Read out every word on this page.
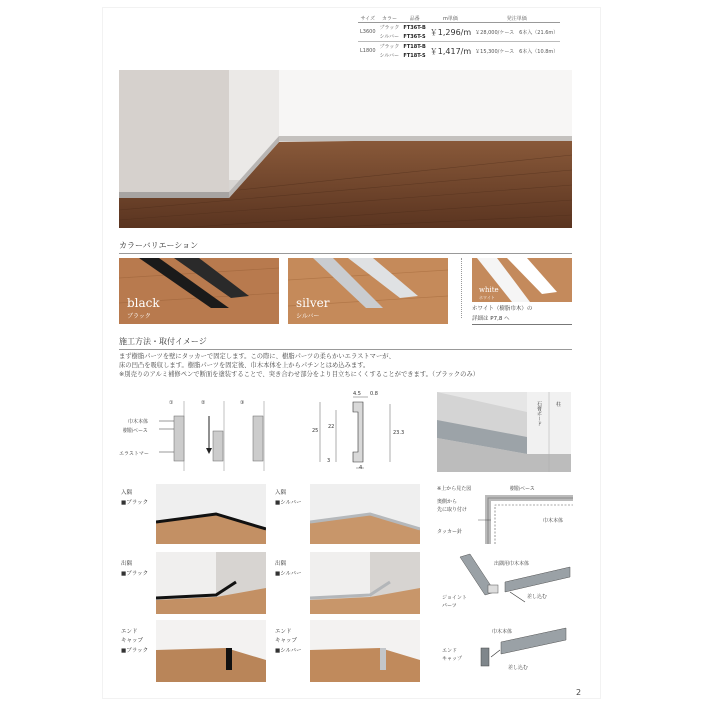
サイズ	カラー	品番	m単価	発注単価
L3600	ブラック	FT36T-B	￥1,296/m	￥28,000/ケース　6本入（21.6m）
	シルバー	FT36T-S		
L1800	ブラック	FT18T-B	￥1,417/m	￥15,300/ケース　6本入（10.8m）
	シルバー	FT18T-S		
カラーバリエーション
black
ブラック
silver
シルバー
white
ホワイト
ホワイト（樹脂巾木）の
詳細は P7,8 へ
施工方法・取付イメージ
まず樹脂パーツを壁にタッカーで固定します。この際に、樹脂パーツの柔らかいエラストマーが、
床の凹凸を吸収します。樹脂パーツを固定後、巾木本体を上からパチンとはめ込みます。
※別売りのアルミ補修ペンで断面を塗装することで、突き合わせ部分をより目立ちにくくすることができます。（ブラックのみ）
①	②	③
巾木本体
樹脂ベース
エラストマー
4.5 0.8
25
22
23.3
3
4
柱
石膏ボード
入隅
■ブラック
入隅
■シルバー
出隅
■ブラック
出隅
■シルバー
エンド
キャップ
■ブラック
エンド
キャップ
■シルバー
※上から見た図	樹脂ベース
奥側から
先に取り付け
巾木本体
タッカー針
出隅用巾木本体
ジョイント
パーツ
差し込む
巾木本体
エンド
キャップ
差し込む
2
